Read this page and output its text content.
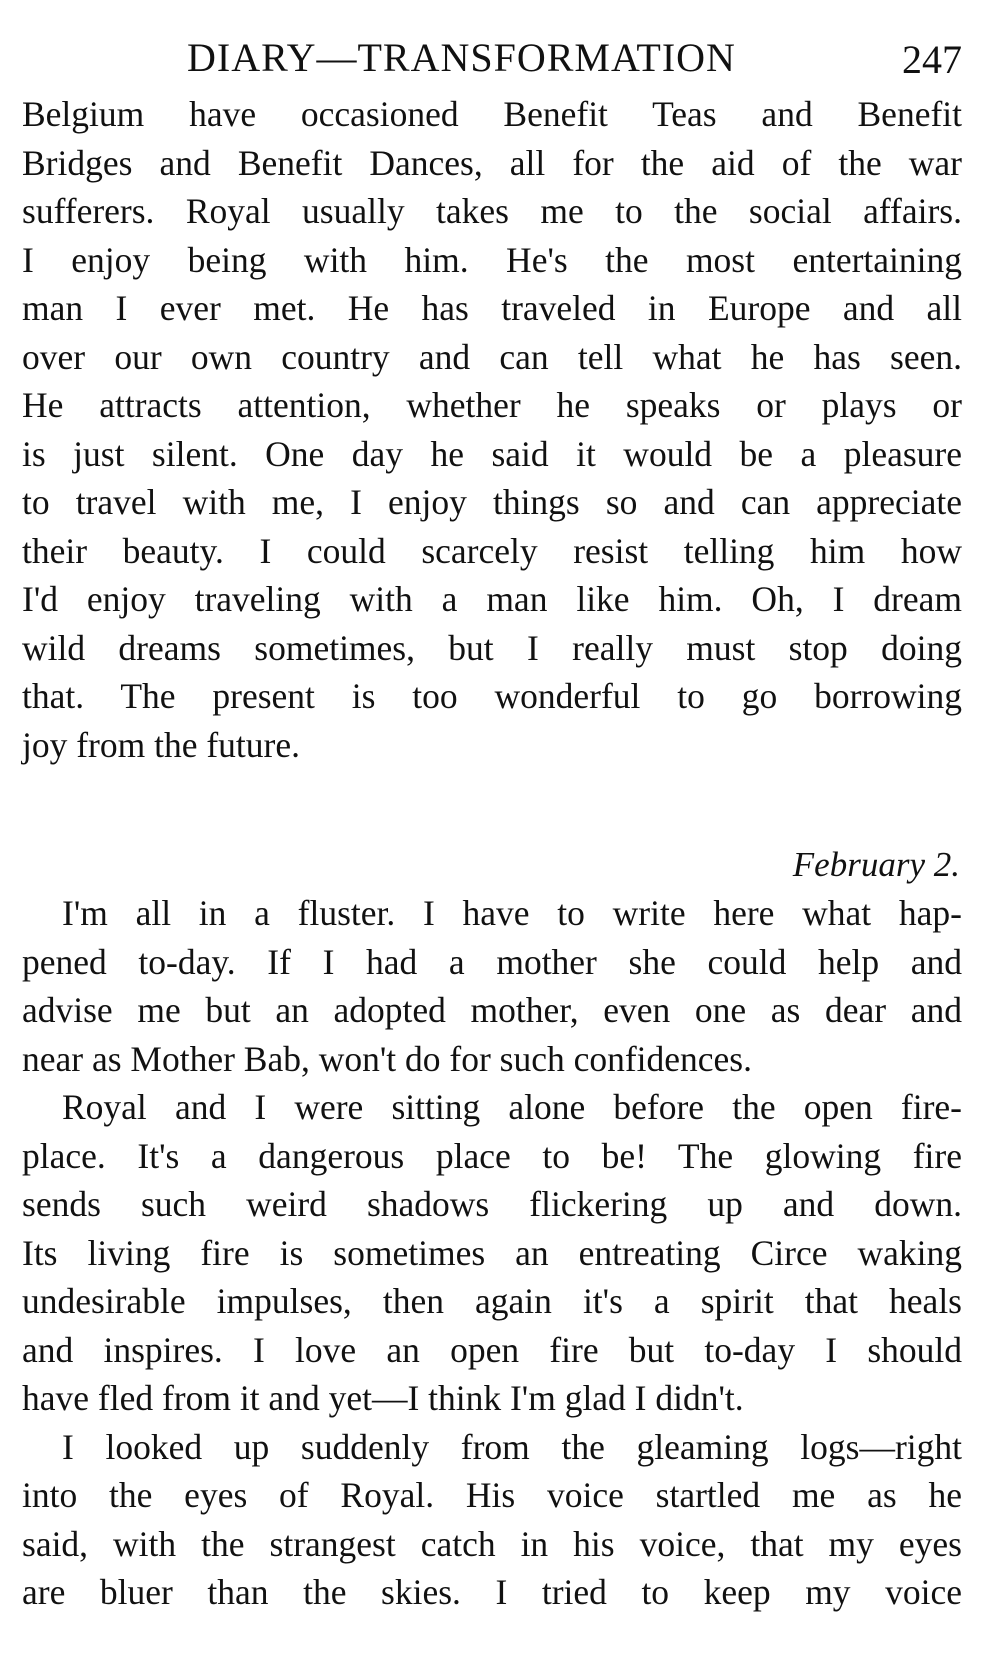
DIARY—TRANSFORMATION	247
Belgium have occasioned Benefit Teas and Benefit
Bridges and Benefit Dances, all for the aid of the war
sufferers. Royal usually takes me to the social affairs.
I enjoy being with him. He's the most entertaining
man I ever met. He has traveled in Europe and all
over our own country and can tell what he has seen.
He attracts attention, whether he speaks or plays or
is just silent. One day he said it would be a pleasure
to travel with me, I enjoy things so and can appreciate
their beauty. I could scarcely resist telling him how
I'd enjoy traveling with a man like him. Oh, I dream
wild dreams sometimes, but I really must stop doing
that. The present is too wonderful to go borrowing
joy from the future.

February 2.

I'm all in a fluster. I have to write here what hap-
pened to-day. If I had a mother she could help and
advise me but an adopted mother, even one as dear and
near as Mother Bab, won't do for such confidences.

Royal and I were sitting alone before the open fire-
place. It's a dangerous place to be! The glowing fire
sends such weird shadows flickering up and down.
Its living fire is sometimes an entreating Circe waking
undesirable impulses, then again it's a spirit that heals
and inspires. I love an open fire but to-day I should
have fled from it and yet—I think I'm glad I didn't.

I looked up suddenly from the gleaming logs—right
into the eyes of Royal. His voice startled me as he
said, with the strangest catch in his voice, that my eyes
are bluer than the skies. I tried to keep my voice
